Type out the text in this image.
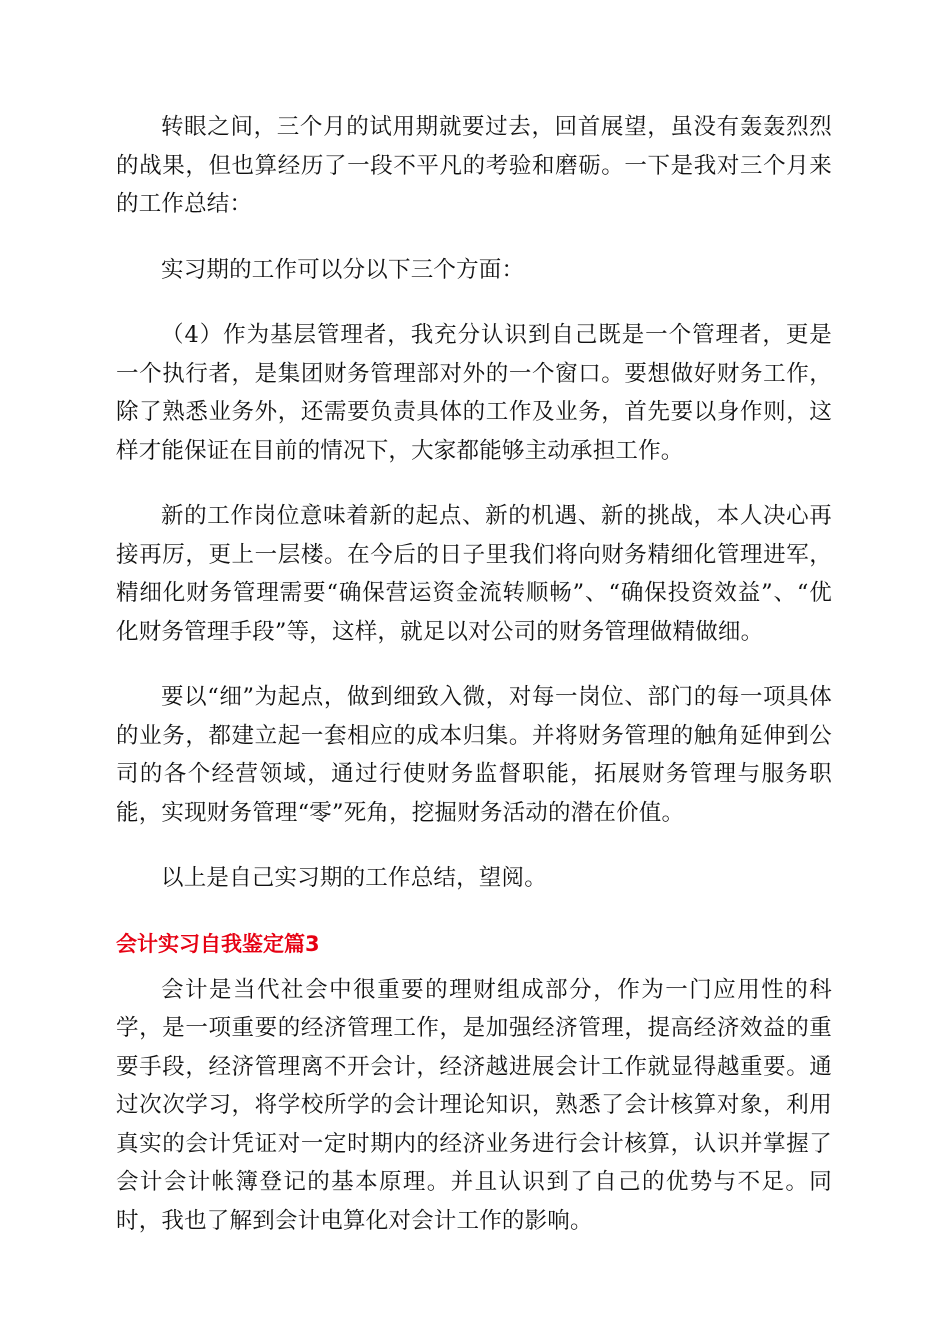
转眼之间，三个月的试用期就要过去，回首展望，虽没有轰轰烈烈的战果，但也算经历了一段不平凡的考验和磨砺。一下是我对三个月来的工作总结：

实习期的工作可以分以下三个方面：

（4）作为基层管理者，我充分认识到自己既是一个管理者，更是一个执行者，是集团财务管理部对外的一个窗口。要想做好财务工作，除了熟悉业务外，还需要负责具体的工作及业务，首先要以身作则，这样才能保证在目前的情况下，大家都能够主动承担工作。

新的工作岗位意味着新的起点、新的机遇、新的挑战，本人决心再接再厉，更上一层楼。在今后的日子里我们将向财务精细化管理进军，精细化财务管理需要“确保营运资金流转顺畅”、“确保投资效益”、“优化财务管理手段”等，这样，就足以对公司的财务管理做精做细。

要以“细”为起点，做到细致入微，对每一岗位、部门的每一项具体的业务，都建立起一套相应的成本归集。并将财务管理的触角延伸到公司的各个经营领域，通过行使财务监督职能，拓展财务管理与服务职能，实现财务管理“零”死角，挖掘财务活动的潜在价值。

以上是自己实习期的工作总结，望阅。

会计实习自我鉴定篇3

会计是当代社会中很重要的理财组成部分，作为一门应用性的科学，是一项重要的经济管理工作，是加强经济管理，提高经济效益的重要手段，经济管理离不开会计，经济越进展会计工作就显得越重要。通过次次学习，将学校所学的会计理论知识，熟悉了会计核算对象，利用真实的会计凭证对一定时期内的经济业务进行会计核算，认识并掌握了会计会计帐簿登记的基本原理。并且认识到了自己的优势与不足。同时，我也了解到会计电算化对会计工作的影响。
